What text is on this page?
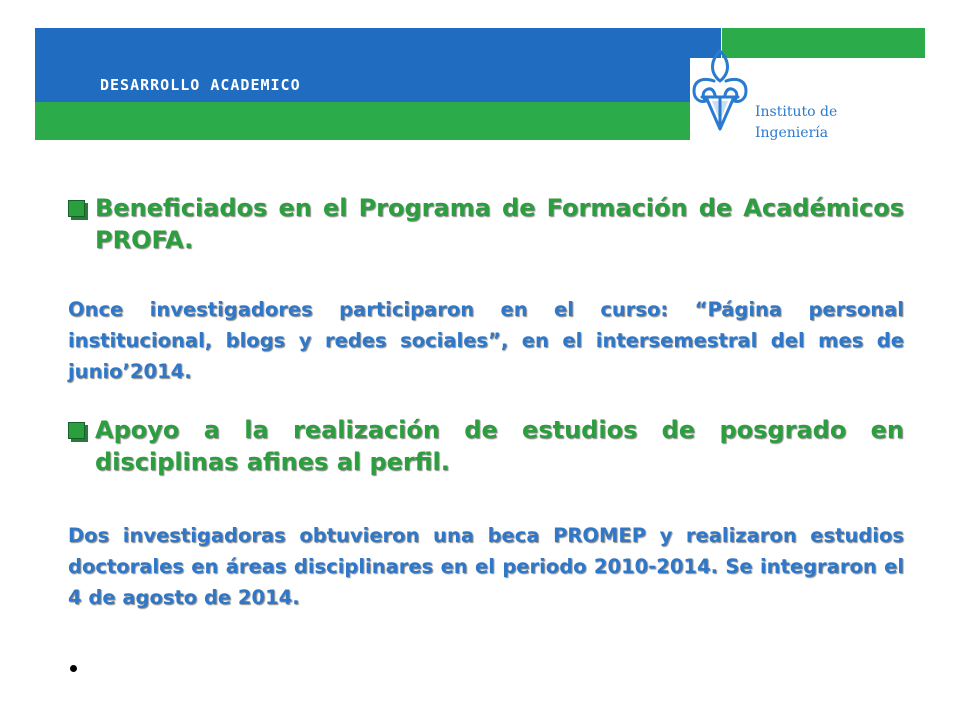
DESARROLLO ACADEMICO
Instituto de Ingeniería
Beneficiados en el Programa de Formación de Académicos PROFA.

Once investigadores participaron en el curso: “Página personal institucional, blogs y redes sociales”, en el intersemestral del mes de junio’2014.

Apoyo a la realización de estudios de posgrado en disciplinas afines al perfil.

Dos investigadoras obtuvieron una beca PROMEP y realizaron estudios doctorales en áreas disciplinares en el periodo 2010-2014. Se integraron el 4 de agosto de 2014.
